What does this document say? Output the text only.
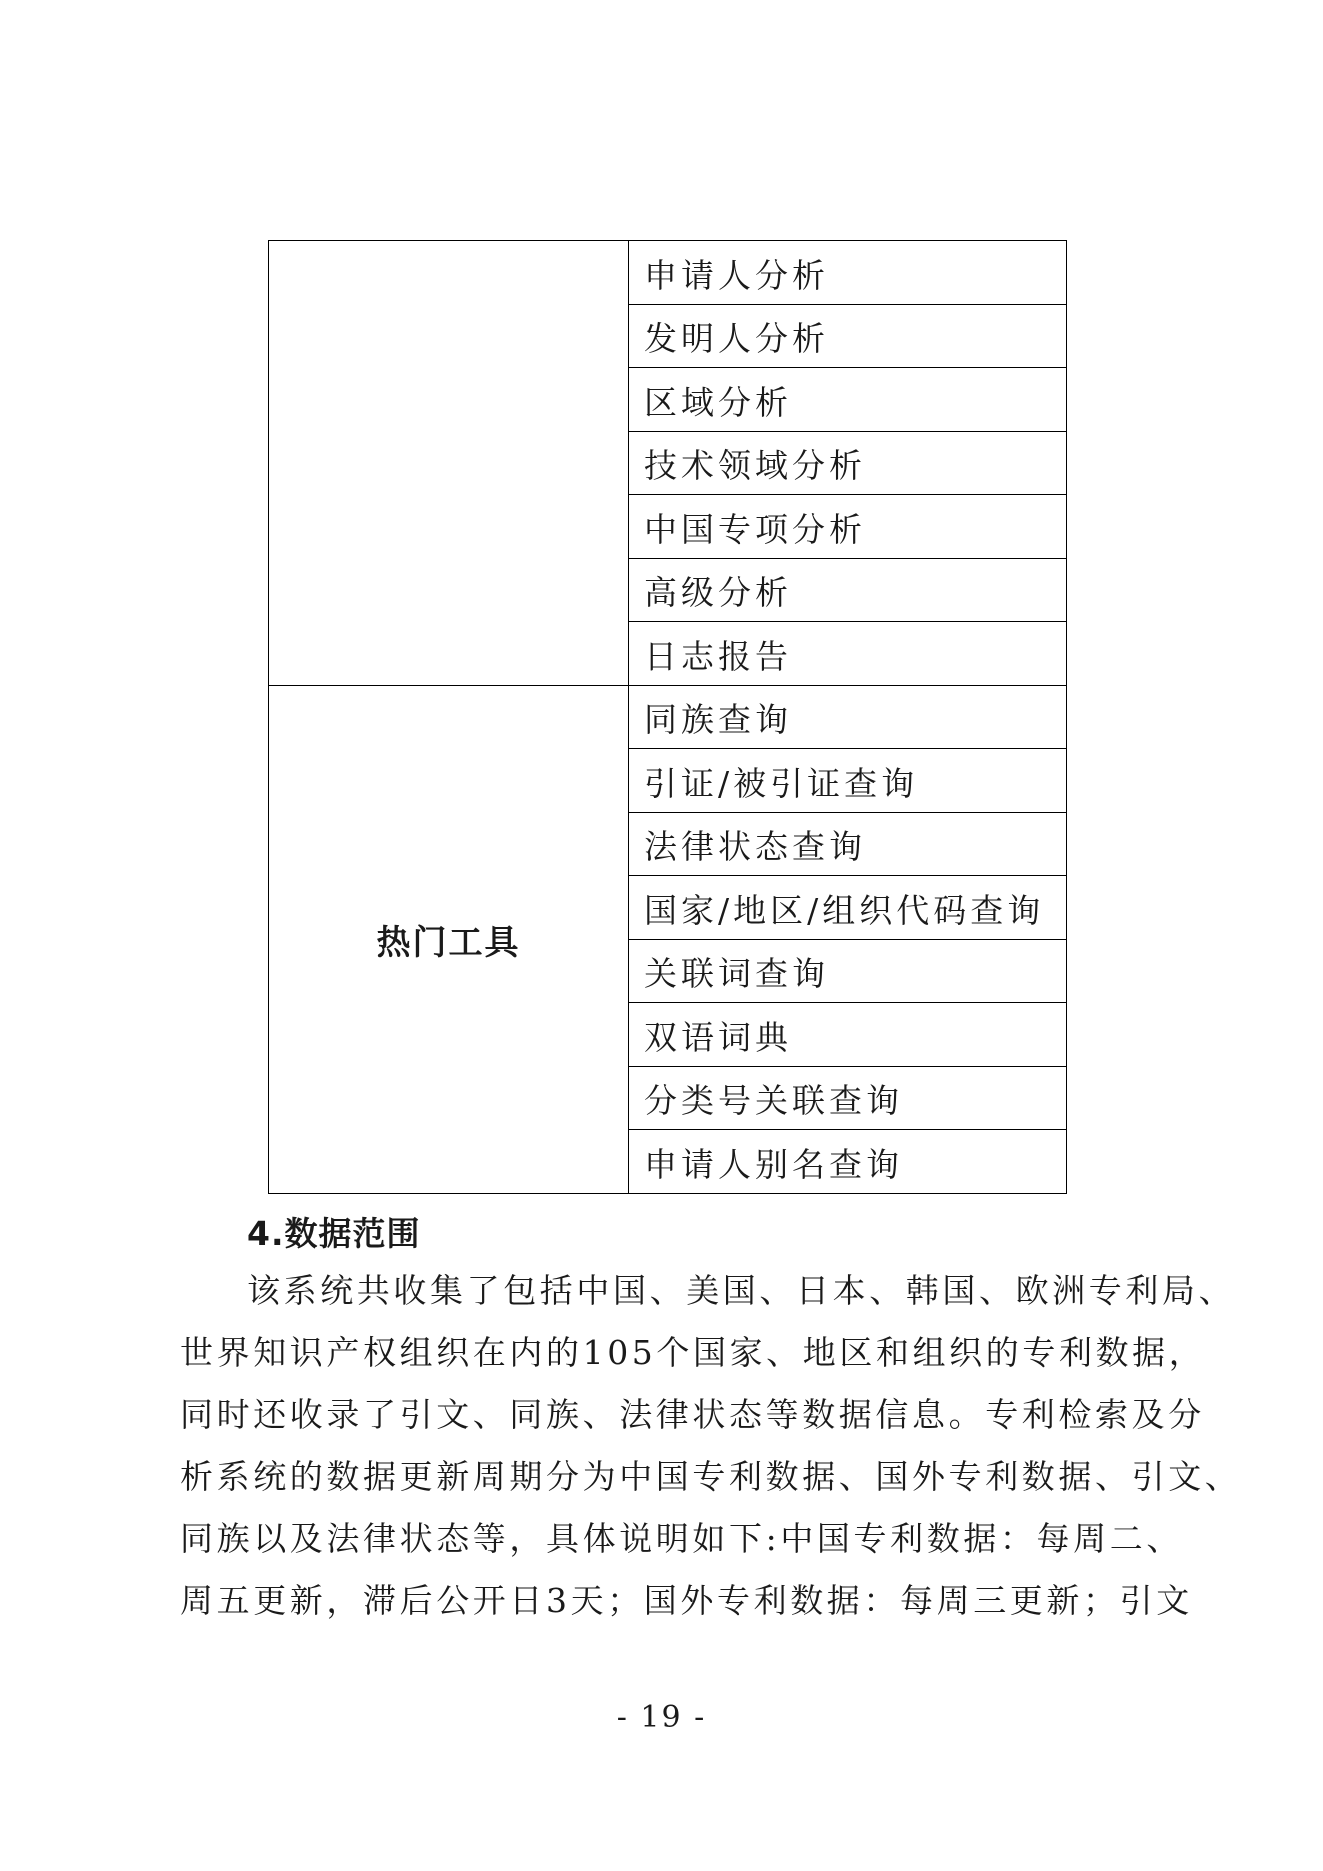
	申请人分析
	发明人分析
	区域分析
	技术领域分析
	中国专项分析
	高级分析
	日志报告
热门工具	同族查询
	引证/被引证查询
	法律状态查询
	国家/地区/组织代码查询
	关联词查询
	双语词典
	分类号关联查询
	申请人别名查询
4.数据范围
该系统共收集了包括中国、美国、日本、韩国、欧洲专利局、
世界知识产权组织在内的105个国家、地区和组织的专利数据，
同时还收录了引文、同族、法律状态等数据信息。专利检索及分
析系统的数据更新周期分为中国专利数据、国外专利数据、引文、
同族以及法律状态等，具体说明如下:中国专利数据：每周二、
周五更新，滞后公开日3天；国外专利数据：每周三更新；引文
- 19 -
